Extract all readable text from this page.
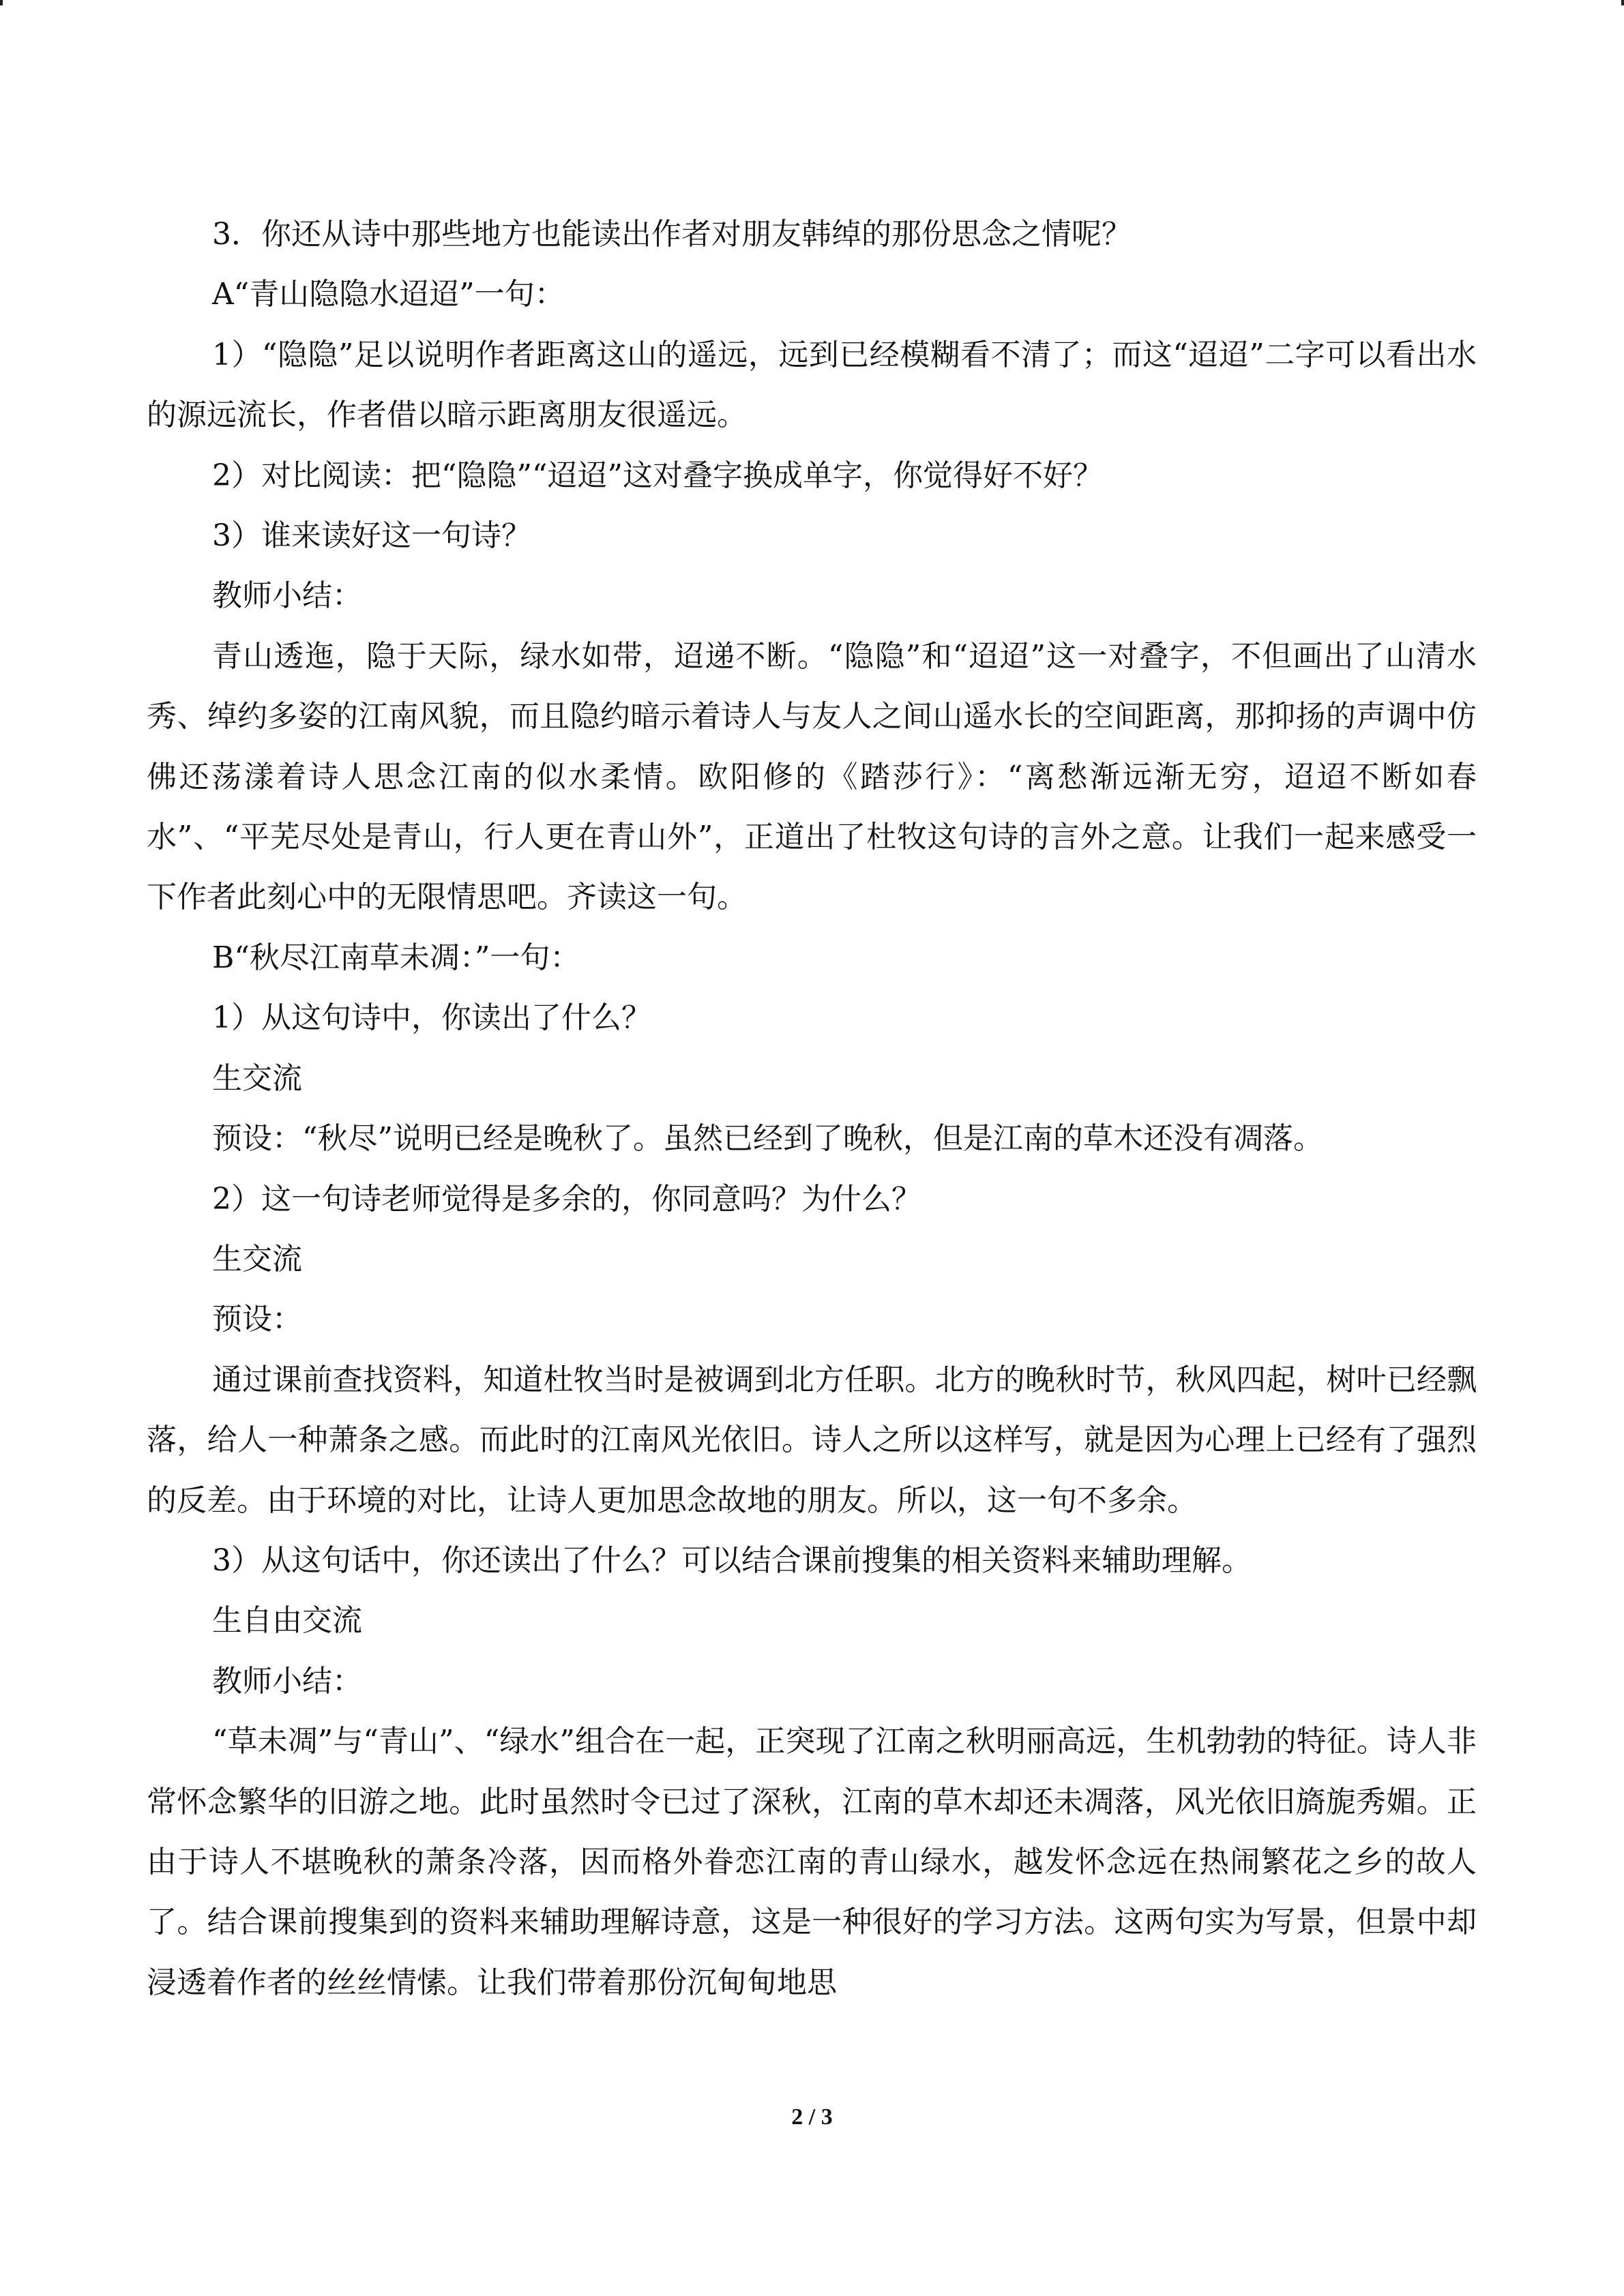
3．你还从诗中那些地方也能读出作者对朋友韩绰的那份思念之情呢？

A“青山隐隐水迢迢”一句：

1）“隐隐”足以说明作者距离这山的遥远，远到已经模糊看不清了；而这“迢迢”二字可以看出水的源远流长，作者借以暗示距离朋友很遥远。

2）对比阅读：把“隐隐”“迢迢”这对叠字换成单字，你觉得好不好？

3）谁来读好这一句诗？

教师小结：

青山透迤，隐于天际，绿水如带，迢递不断。“隐隐”和“迢迢”这一对叠字，不但画出了山清水秀、绰约多姿的江南风貌，而且隐约暗示着诗人与友人之间山遥水长的空间距离，那抑扬的声调中仿佛还荡漾着诗人思念江南的似水柔情。欧阳修的《踏莎行》：“离愁渐远渐无穷，迢迢不断如春水”、“平芜尽处是青山，行人更在青山外”，正道出了杜牧这句诗的言外之意。让我们一起来感受一下作者此刻心中的无限情思吧。齐读这一句。

B“秋尽江南草未凋：”一句：

1）从这句诗中，你读出了什么？

生交流

预设：“秋尽”说明已经是晚秋了。虽然已经到了晚秋，但是江南的草木还没有凋落。

2）这一句诗老师觉得是多余的，你同意吗？为什么？

生交流

预设：

通过课前查找资料，知道杜牧当时是被调到北方任职。北方的晚秋时节，秋风四起，树叶已经飘落，给人一种萧条之感。而此时的江南风光依旧。诗人之所以这样写，就是因为心理上已经有了强烈的反差。由于环境的对比，让诗人更加思念故地的朋友。所以，这一句不多余。

3）从这句话中，你还读出了什么？可以结合课前搜集的相关资料来辅助理解。

生自由交流

教师小结：

“草未凋”与“青山”、“绿水”组合在一起，正突现了江南之秋明丽高远，生机勃勃的特征。诗人非常怀念繁华的旧游之地。此时虽然时令已过了深秋，江南的草木却还未凋落，风光依旧旖旎秀媚。正由于诗人不堪晚秋的萧条冷落，因而格外眷恋江南的青山绿水，越发怀念远在热闹繁花之乡的故人了。结合课前搜集到的资料来辅助理解诗意，这是一种很好的学习方法。这两句实为写景，但景中却浸透着作者的丝丝情愫。让我们带着那份沉甸甸地思

2 / 3
